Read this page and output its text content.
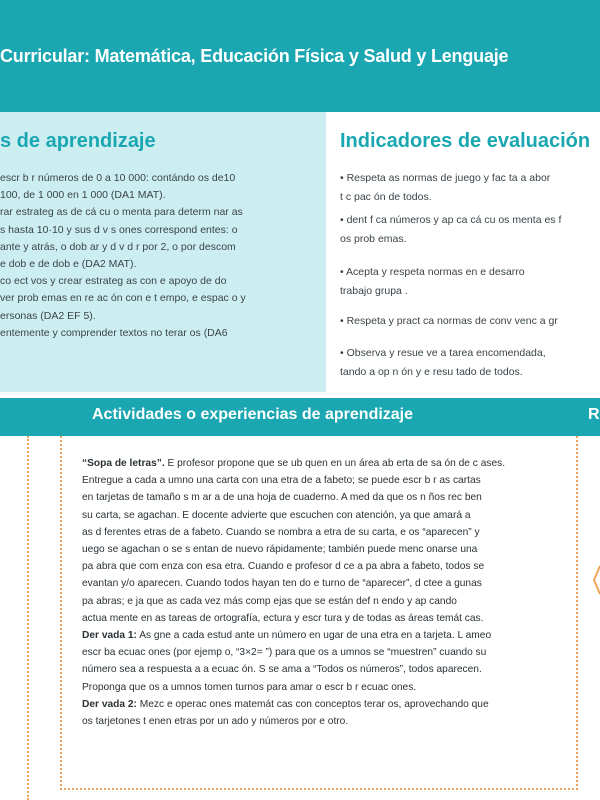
Curricular: Matemática, Educación Física y Salud y Lenguaje
s de aprendizaje
escr b r números de 0 a 10 000: contándo os de10
100, de 1 000 en 1 000 (DA1 MAT).
rar estrateg as de cá cu o menta para determ nar as
s hasta 10·10 y sus d v s ones correspond entes: o
ante y atrás, o dob ar y d v d r por 2, o por descom
e dob e de dob e (DA2 MAT).
co ect vos y crear estrateg as con e apoyo de do
ver prob emas en re ac ón con e t empo, e espac o y
ersonas (DA2 EF 5).
entemente y comprender textos no terar os (DA6
Indicadores de evaluación
• Respeta as normas de juego y fac ta a abor
t c pac ón de todos.
• dent f ca números y ap ca cá cu os menta es f
os prob emas.
• Acepta y respeta normas en e desarro
trabajo grupa .
• Respeta y pract ca normas de conv venc a gr
• Observa y resue ve a tarea encomendada,
tando a op n ón y e resu tado de todos.
Actividades o experiencias de aprendizaje	R

“Sopa de letras”. E profesor propone que se ub quen en un área ab erta de sa ón de c ases.

Entregue a cada a umno una carta con una etra de a fabeto; se puede escr b r as cartas

en tarjetas de tamaño s m ar a de una hoja de cuaderno. A med da que os n ños rec ben

su carta, se agachan. E docente advierte que escuchen con atención, ya que amará a

as d ferentes etras de a fabeto. Cuando se nombra a etra de su carta, e os “aparecen” y

uego se agachan o se s entan de nuevo rápidamente; también puede menc onarse una

pa abra que com enza con esa etra. Cuando e profesor d ce a pa abra a fabeto, todos se

evantan y/o aparecen. Cuando todos hayan ten do e turno de “aparecer”, d ctee a gunas

pa abras; e ja que as cada vez más comp ejas que se están def n endo y ap cando

actua mente en as tareas de ortografía, ectura y escr tura y de todas as áreas temát cas.

Der vada 1: As gne a cada estud ante un número en ugar de una etra en a tarjeta. L ameo

escr ba ecuac ones (por ejemp o, “3×2= ”) para que os a umnos se “muestren” cuando su

número sea a respuesta a a ecuac ón. S se ama a “Todos os números”, todos aparecen.

Proponga que os a umnos tomen turnos para amar o escr b r ecuac ones.

Der vada 2: Mezc e operac ones matemát cas con conceptos terar os, aprovechando que

os tarjetones t enen etras por un ado y números por e otro.
